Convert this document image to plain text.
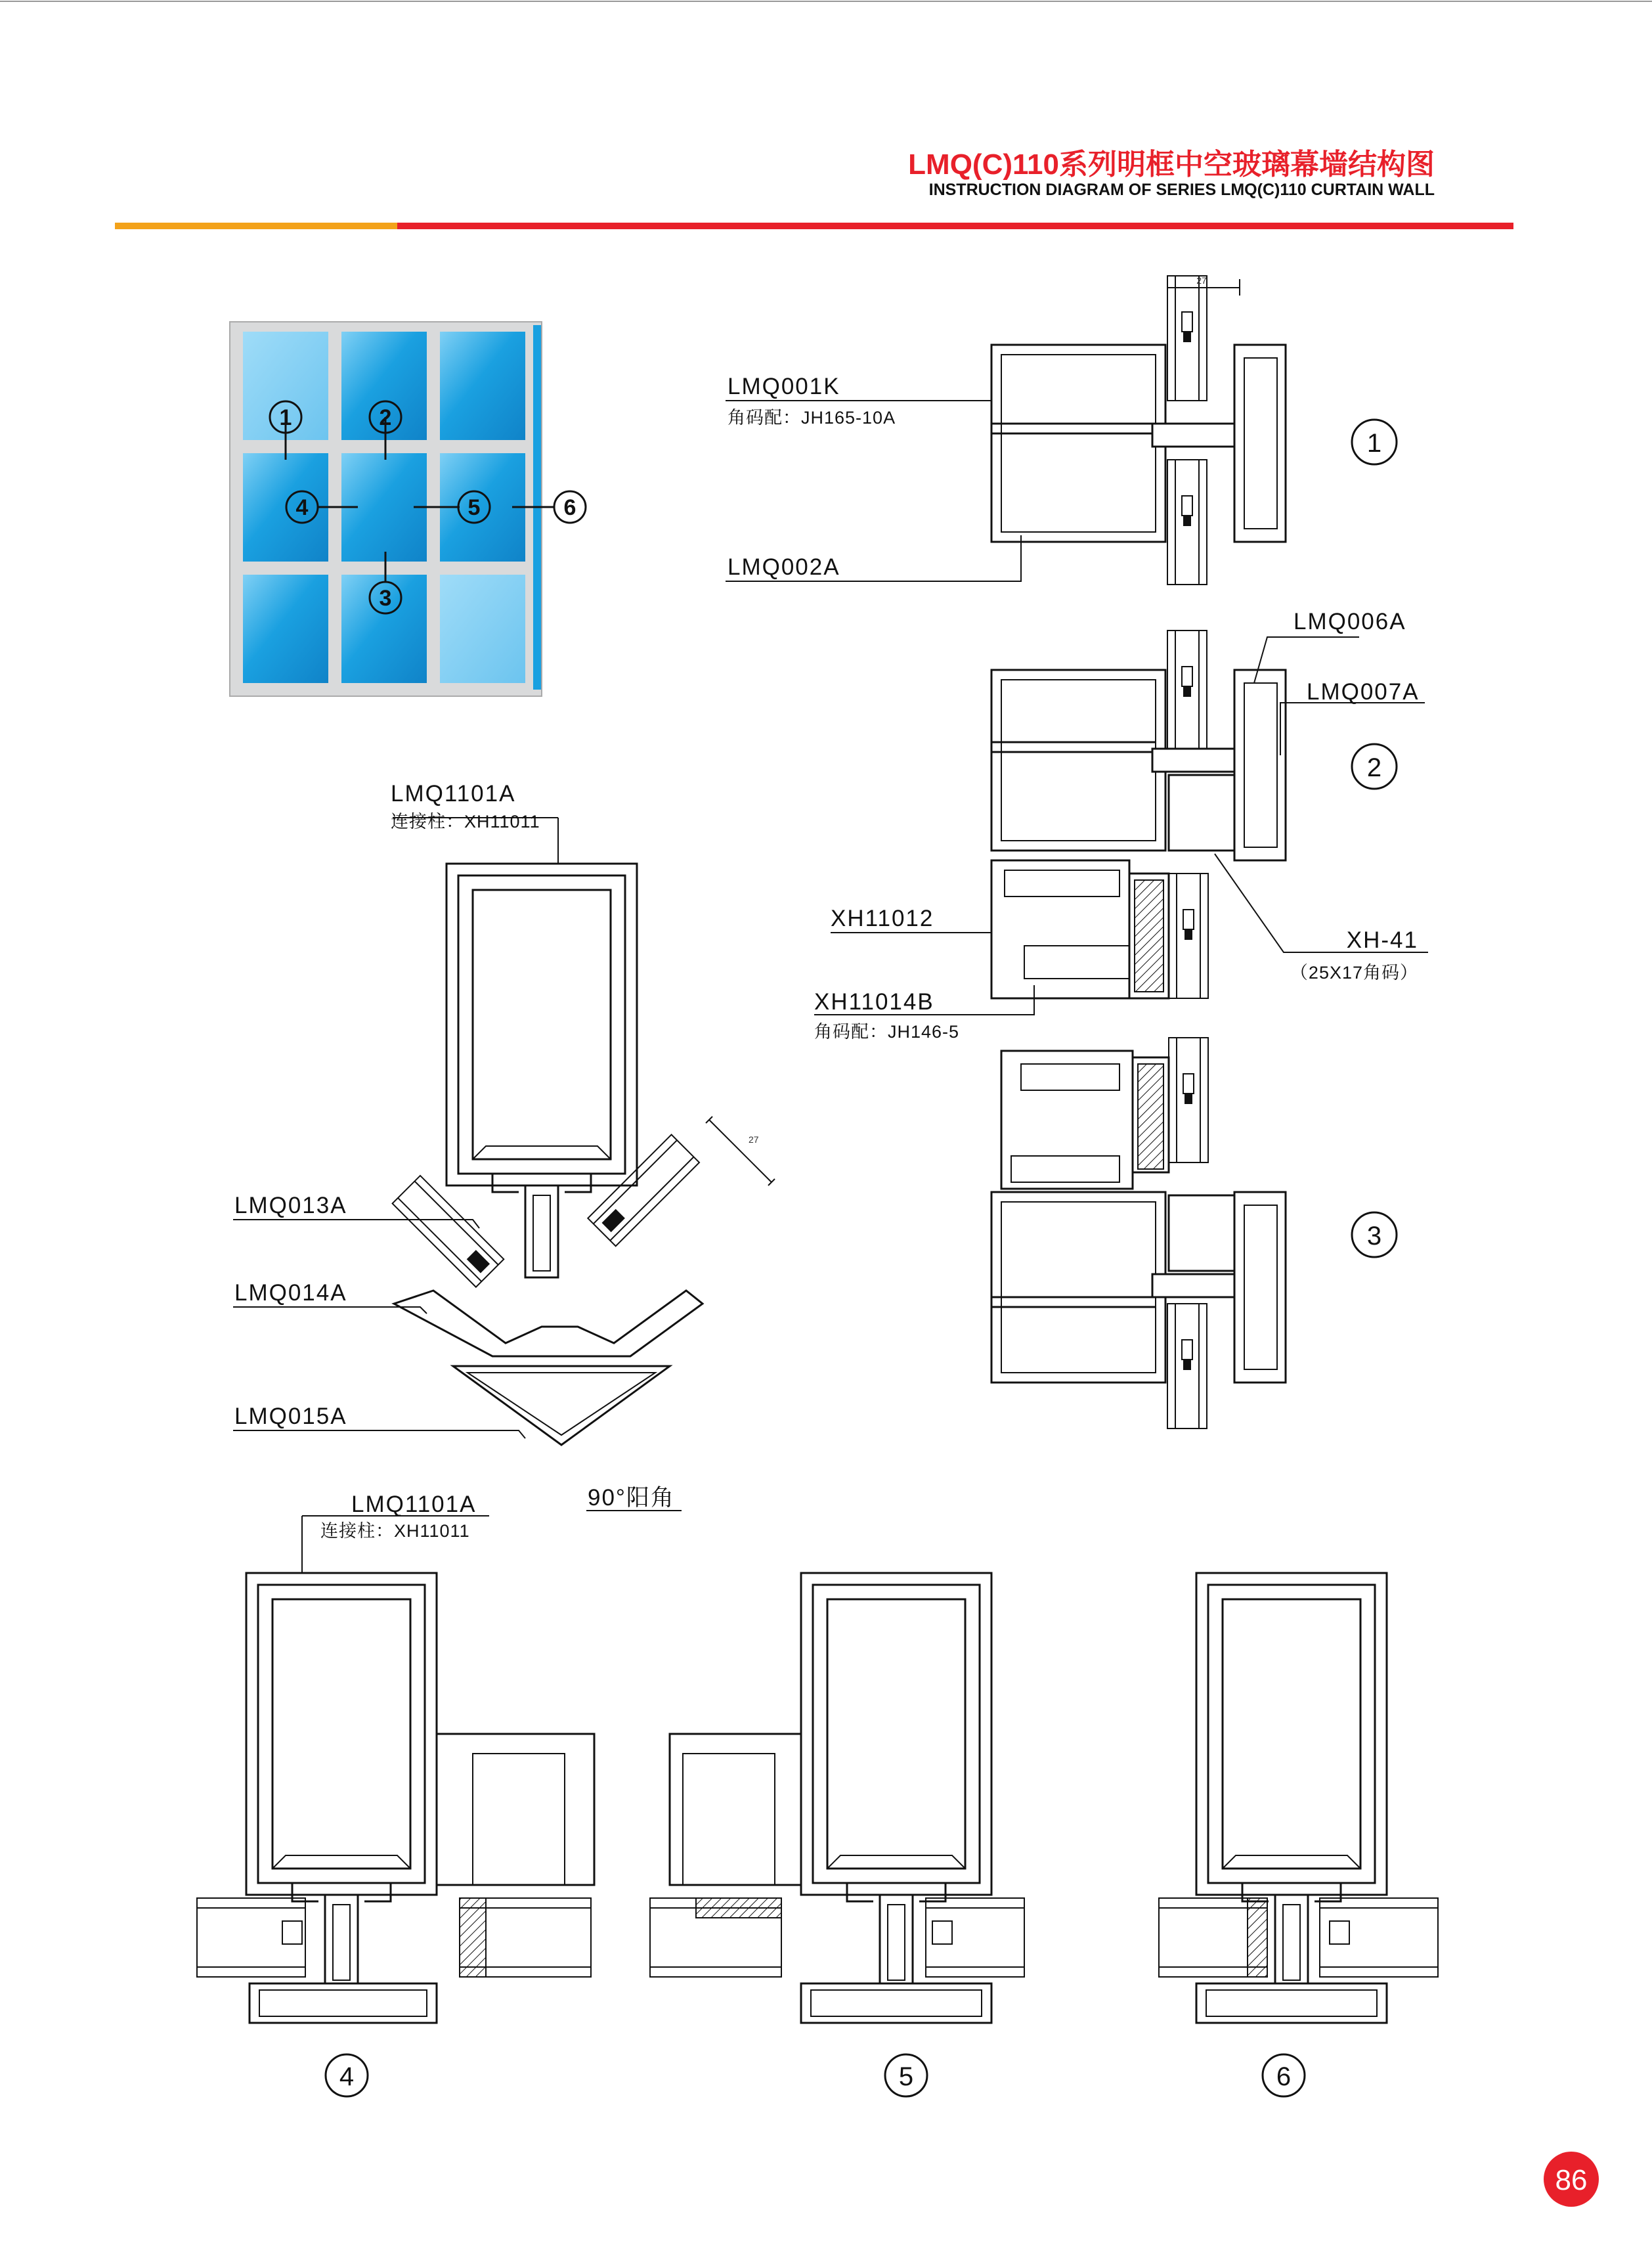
LMQ(C)110系列明框中空玻璃幕墙结构图
INSTRUCTION DIAGRAM OF SERIES LMQ(C)110 CURTAIN WALL
1	2
3
4	5	6
27
LMQ001K
角码配：JH165-10A
LMQ002A
1
LMQ006A
LMQ007A
XH11012
XH11014B
角码配：JH146-5
XH-41
（25X17角码）
2
3
27
LMQ1101A
连接柱：XH11011
LMQ013A
LMQ014A
LMQ015A
90°阳角
LMQ1101A
连接柱：XH11011
4	5	6
86
